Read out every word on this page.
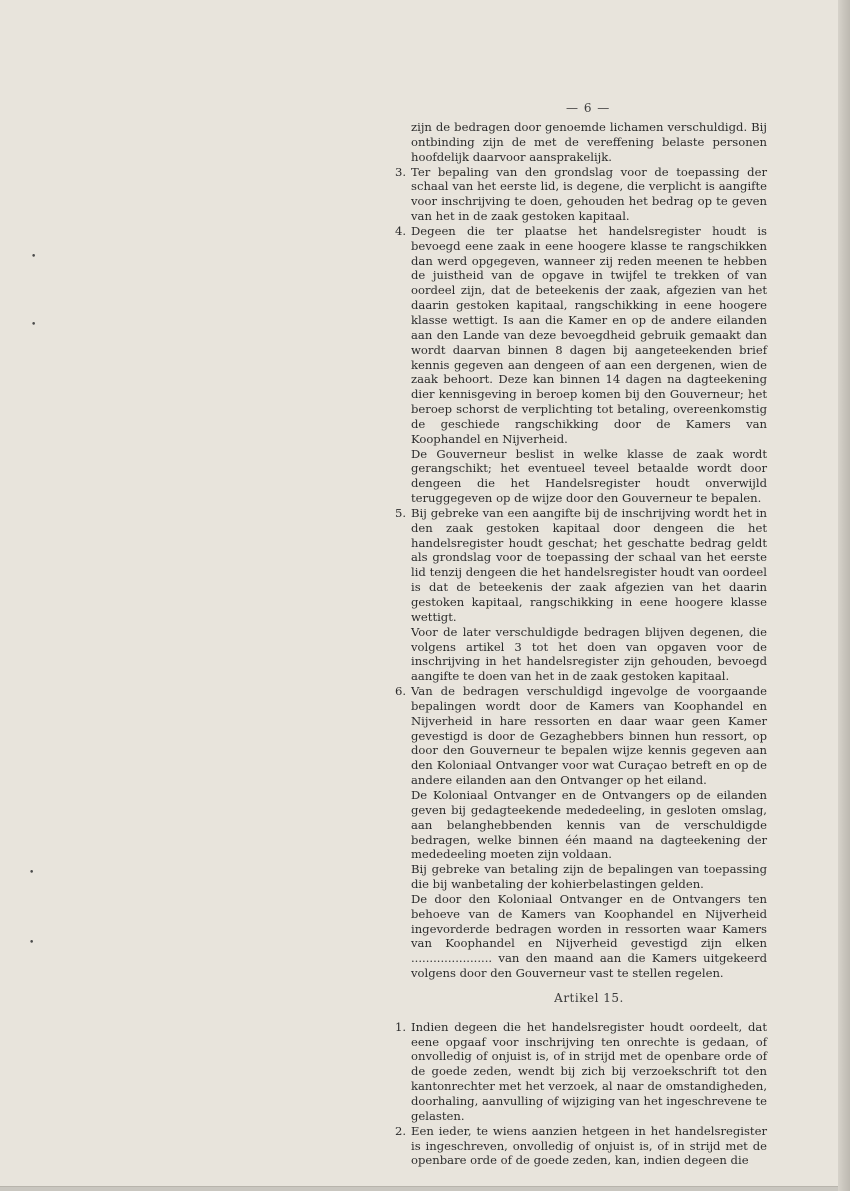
— 6 —
•
•
•
•

zijn de bedragen door genoemde lichamen verschuldigd. Bij ontbinding zijn de met de vereffening belaste personen hoofdelijk daarvoor aansprakelijk.

3. Ter bepaling van den grondslag voor de toepassing der schaal van het eerste lid, is degene, die verplicht is aangifte voor inschrijving te doen, gehouden het bedrag op te geven van het in de zaak gestoken kapitaal.

4. Degeen die ter plaatse het handelsregister houdt is bevoegd eene zaak in eene hoogere klasse te rangschikken dan werd opgegeven, wanneer zij reden meenen te hebben de juistheid van de opgave in twijfel te trekken of van oordeel zijn, dat de beteekenis der zaak, afgezien van het daarin gestoken kapitaal, rangschikking in eene hoogere klasse wettigt. Is aan die Kamer en op de andere eilanden aan den Lande van deze bevoegdheid gebruik gemaakt dan wordt daarvan binnen 8 dagen bij aangeteekenden brief kennis gegeven aan dengeen of aan een dergenen, wien de zaak behoort. Deze kan binnen 14 dagen na dagteekening dier kennisgeving in beroep komen bij den Gouverneur; het beroep schorst de verplichting tot betaling, overeenkomstig de geschiede rangschikking door de Kamers van Koophandel en Nijverheid.

De Gouverneur beslist in welke klasse de zaak wordt gerangschikt; het eventueel teveel betaalde wordt door dengeen die het Handelsregister houdt onverwijld teruggegeven op de wijze door den Gouverneur te bepalen.

5. Bij gebreke van een aangifte bij de inschrijving wordt het in den zaak gestoken kapitaal door dengeen die het handelsregister houdt geschat; het geschatte bedrag geldt als grondslag voor de toepassing der schaal van het eerste lid tenzij dengeen die het handelsregister houdt van oordeel is dat de beteekenis der zaak afgezien van het daarin gestoken kapitaal, rangschikking in eene hoogere klasse wettigt.

Voor de later verschuldigde bedragen blijven degenen, die volgens artikel 3 tot het doen van opgaven voor de inschrijving in het handelsregister zijn gehouden, bevoegd aangifte te doen van het in de zaak gestoken kapitaal.

6. Van de bedragen verschuldigd ingevolge de voorgaande bepalingen wordt door de Kamers van Koophandel en Nijverheid in hare ressorten en daar waar geen Kamer gevestigd is door de Gezaghebbers binnen hun ressort, op door den Gouverneur te bepalen wijze kennis gegeven aan den Koloniaal Ontvanger voor wat Curaçao betreft en op de andere eilanden aan den Ontvanger op het eiland.

De Koloniaal Ontvanger en de Ontvangers op de eilanden geven bij gedagteekende mededeeling, in gesloten omslag, aan belanghebbenden kennis van de verschuldigde bedragen, welke binnen één maand na dagteekening der mededeeling moeten zijn voldaan.

Bij gebreke van betaling zijn de bepalingen van toepassing die bij wanbetaling der kohierbelastingen gelden.

De door den Koloniaal Ontvanger en de Ontvangers ten behoeve van de Kamers van Koophandel en Nijverheid ingevorderde bedragen worden in ressorten waar Kamers van Koophandel en Nijverheid gevestigd zijn elken ...................... van den maand aan die Kamers uitgekeerd volgens door den Gouverneur vast te stellen regelen.

Artikel 15.

1. Indien degeen die het handelsregister houdt oordeelt, dat eene opgaaf voor inschrijving ten onrechte is gedaan, of onvolledig of onjuist is, of in strijd met de openbare orde of de goede zeden, wendt bij zich bij verzoekschrift tot den kantonrechter met het verzoek, al naar de omstandigheden, doorhaling, aanvulling of wijziging van het ingeschrevene te gelasten.

2. Een ieder, te wiens aanzien hetgeen in het handelsregister is ingeschreven, onvolledig of onjuist is, of in strijd met de openbare orde of de goede zeden, kan, indien degeen die
